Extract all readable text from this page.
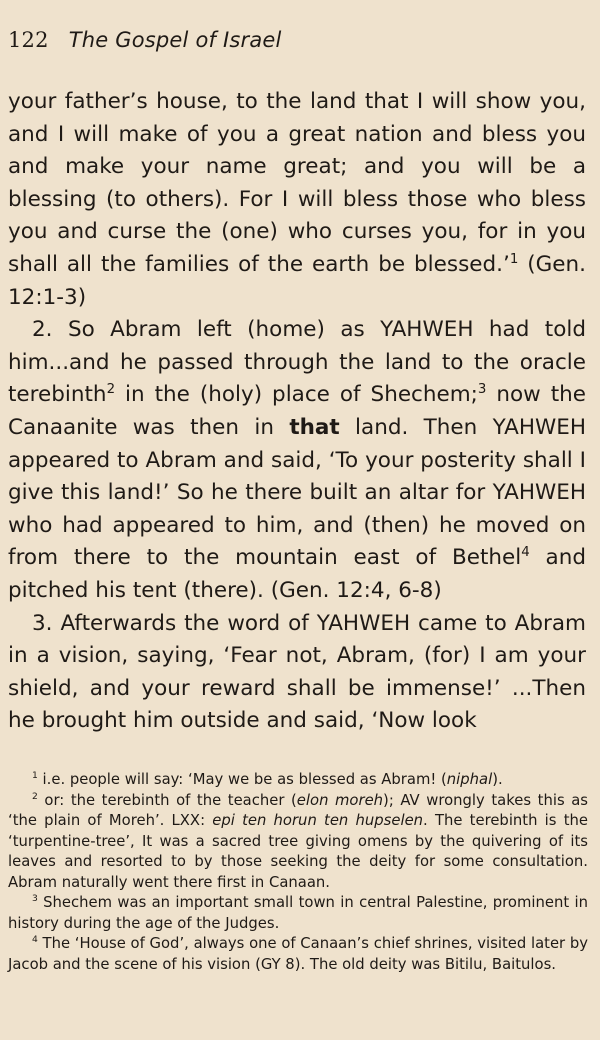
122 The Gospel of Israel

your father’s house, to the land that I will show you, and I will make of you a great nation and bless you and make your name great; and you will be a blessing (to others). For I will bless those who bless you and curse the (one) who curses you, for in you shall all the families of the earth be blessed.’$^1$ (Gen. 12:1-3)

2. So Abram left (home) as YAHWEH had told him...and he passed through the land to the oracle terebinth$^2$ in the (holy) place of Shechem;$^3$ now the Canaanite was then in that land. Then YAHWEH appeared to Abram and said, ‘To your posterity shall I give this land!’ So he there built an altar for YAHWEH who had appeared to him, and (then) he moved on from there to the mountain east of Bethel$^4$ and pitched his tent (there). (Gen. 12:4, 6-8)

3. Afterwards the word of YAHWEH came to Abram in a vision, saying, ‘Fear not, Abram, (for) I am your shield, and your reward shall be immense!’ ...Then he brought him outside and said, ‘Now look

$^1$ i.e. people will say: ‘May we be as blessed as Abram! (niphal).

$^2$ or: the terebinth of the teacher (elon moreh); AV wrongly takes this as ‘the plain of Moreh’. LXX: epi ten horun ten hupselen. The terebinth is the ‘turpentine-tree’, It was a sacred tree giving omens by the quivering of its leaves and resorted to by those seeking the deity for some consultation. Abram naturally went there first in Canaan.

$^3$ Shechem was an important small town in central Palestine, prominent in history during the age of the Judges.

$^4$ The ‘House of God’, always one of Canaan’s chief shrines, visited later by Jacob and the scene of his vision (GY 8). The old deity was Bitilu, Baitulos.
